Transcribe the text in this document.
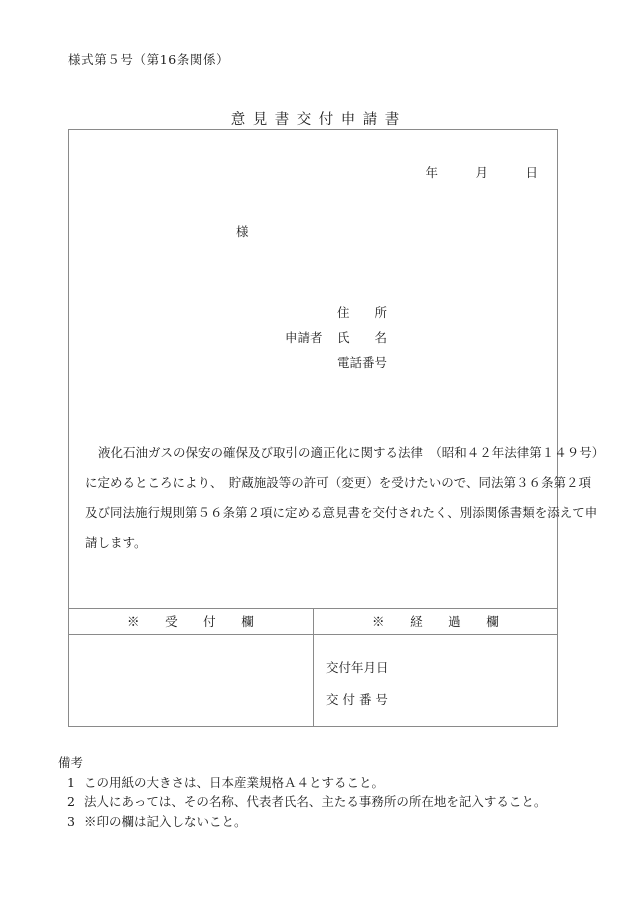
様式第５号（第16条関係）
意見書交付申請書
年　　　月　　　日
様
住　　所
申請者	氏　　名
電話番号
液化石油ガスの保安の確保及び取引の適正化に関する法律　（昭和４２年法律第１４９号）
に定めるところにより、　貯蔵施設等の許可（変更）を受けたいので、同法第３６条第２項
及び同法施行規則第５６条第２項に定める意見書を交付されたく、別添関係書類を添えて申
請します。
※　　受　　付　　欄	※　　経　　過　　欄
交付年月日
交 付 番 号
備考
1 この用紙の大きさは、日本産業規格Ａ４とすること。
2 法人にあっては、その名称、代表者氏名、主たる事務所の所在地を記入すること。
3 ※印の欄は記入しないこと。
